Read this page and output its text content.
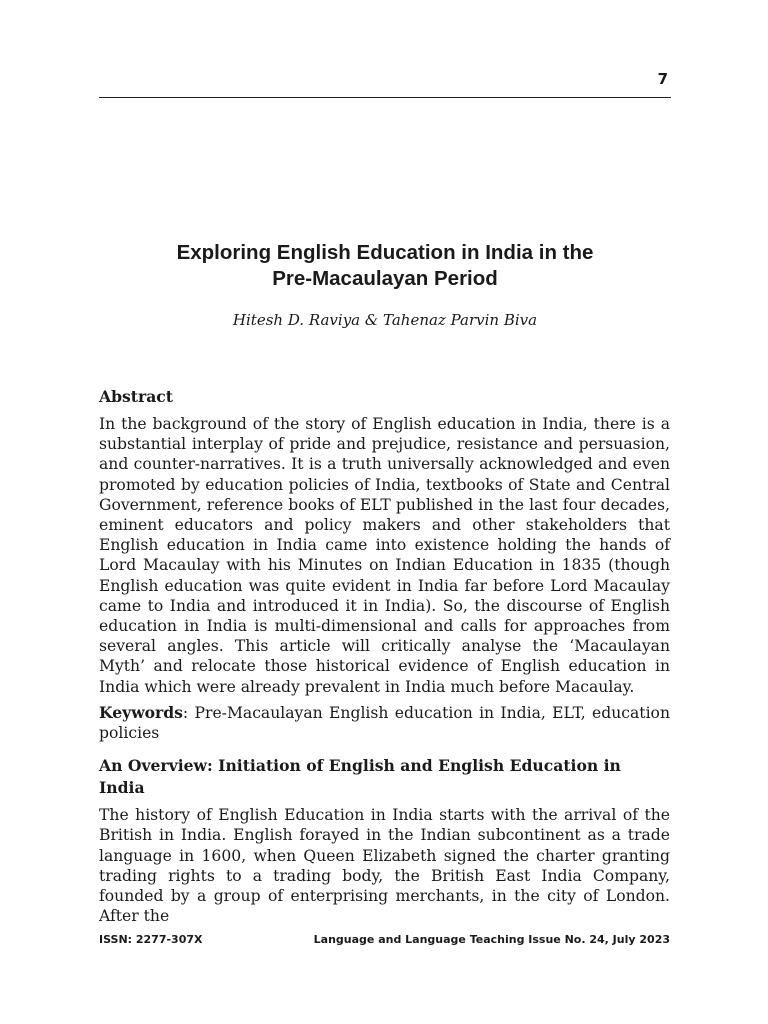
7
Exploring English Education in India in the
Pre-Macaulayan Period
Hitesh D. Raviya & Tahenaz Parvin Biva
Abstract

In the background of the story of English education in India, there is a substantial interplay of pride and prejudice, resistance and persuasion, and counter-narratives. It is a truth universally acknowledged and even promoted by education policies of India, textbooks of State and Central Government, reference books of ELT published in the last four decades, eminent educators and policy makers and other stakeholders that English education in India came into existence holding the hands of Lord Macaulay with his Minutes on Indian Education in 1835 (though English education was quite evident in India far before Lord Macaulay came to India and introduced it in India). So, the discourse of English education in India is multi-dimensional and calls for approaches from several angles. This article will critically analyse the ‘Macaulayan Myth’ and relocate those historical evidence of English education in India which were already prevalent in India much before Macaulay.

Keywords: Pre-Macaulayan English education in India, ELT, education policies

An Overview: Initiation of English and English Education in India

The history of English Education in India starts with the arrival of the British in India. English forayed in the Indian subcontinent as a trade language in 1600, when Queen Elizabeth signed the charter granting trading rights to a trading body, the British East India Company, founded by a group of enterprising merchants, in the city of London. After the

ISSN: 2277-307X	Language and Language Teaching Issue No. 24, July 2023
